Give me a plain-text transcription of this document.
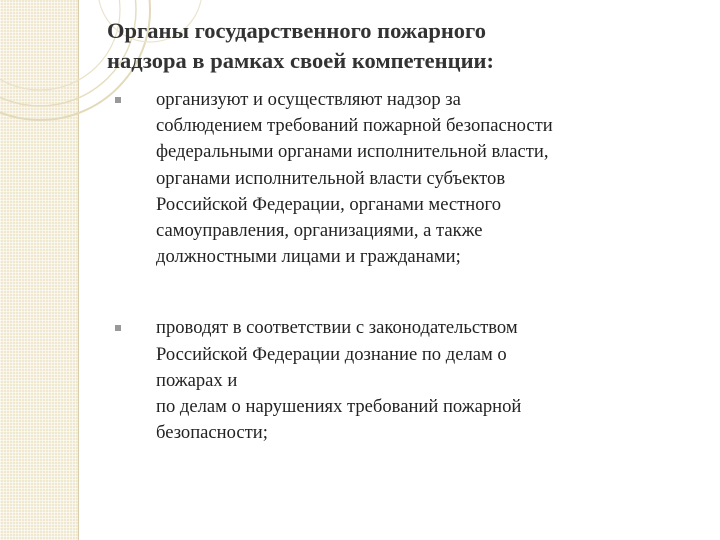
Органы государственного пожарного
надзора в рамках своей компетенции:
организуют и осуществляют надзор за
соблюдением требований пожарной безопасности
федеральными органами исполнительной власти,
органами исполнительной власти субъектов
Российской Федерации, органами местного
самоуправления, организациями, а также
должностными лицами и гражданами;
проводят в соответствии с законодательством
Российской Федерации дознание по делам о
пожарах и
по делам о нарушениях требований пожарной
безопасности;
